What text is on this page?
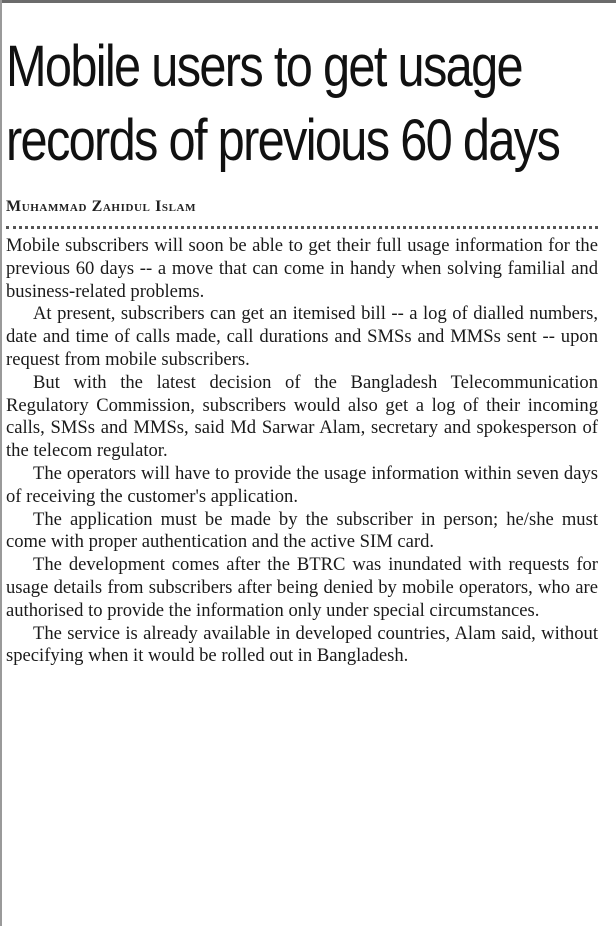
Mobile users to get usage records of previous 60 days
Muhammad Zahidul Islam

Mobile subscribers will soon be able to get their full usage information for the previous 60 days -- a move that can come in handy when solving familial and business-related problems.

At present, subscribers can get an itemised bill -- a log of dialled numbers, date and time of calls made, call durations and SMSs and MMSs sent -- upon request from mobile subscribers.

But with the latest decision of the Bangladesh Telecommunication Regulatory Commission, subscribers would also get a log of their incoming calls, SMSs and MMSs, said Md Sarwar Alam, secretary and spokesperson of the telecom regulator.

The operators will have to provide the usage information within seven days of receiving the customer's application.

The application must be made by the subscriber in person; he/she must come with proper authentication and the active SIM card.

The development comes after the BTRC was inundated with requests for usage details from subscribers after being denied by mobile operators, who are authorised to provide the information only under special circumstances.

The service is already available in developed countries, Alam said, without specifying when it would be rolled out in Bangladesh.
